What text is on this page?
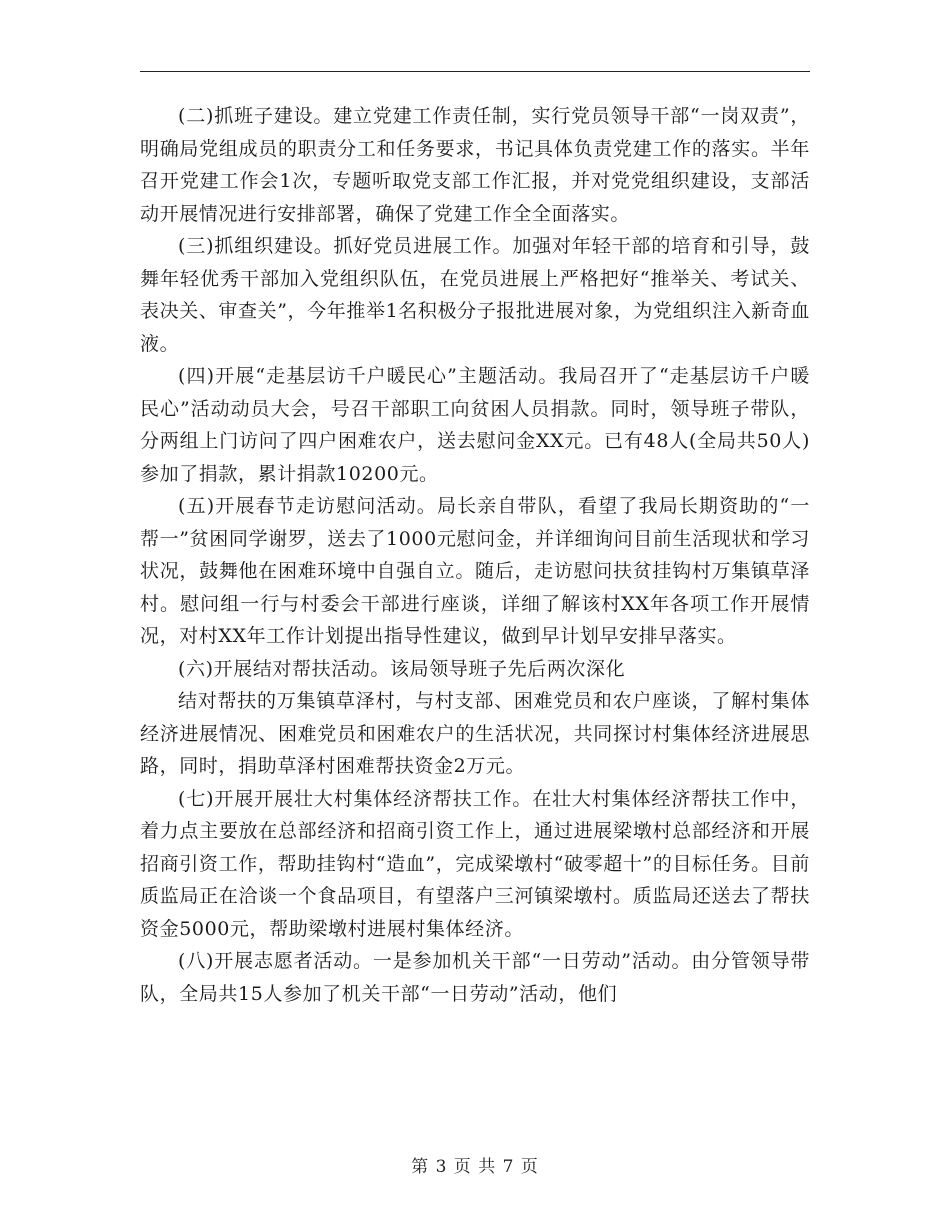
(二)抓班子建设。建立党建工作责任制，实行党员领导干部“一岗双责”，明确局党组成员的职责分工和任务要求，书记具体负责党建工作的落实。半年召开党建工作会1次，专题听取党支部工作汇报，并对党党组织建设，支部活动开展情况进行安排部署，确保了党建工作全全面落实。

(三)抓组织建设。抓好党员进展工作。加强对年轻干部的培育和引导，鼓舞年轻优秀干部加入党组织队伍，在党员进展上严格把好“推举关、考试关、表决关、审查关”，今年推举1名积极分子报批进展对象，为党组织注入新奇血液。

(四)开展“走基层访千户暖民心”主题活动。我局召开了“走基层访千户暖民心”活动动员大会，号召干部职工向贫困人员捐款。同时，领导班子带队，分两组上门访问了四户困难农户，送去慰问金XX元。已有48人(全局共50人)参加了捐款，累计捐款10200元。

(五)开展春节走访慰问活动。局长亲自带队，看望了我局长期资助的“一帮一”贫困同学谢罗，送去了1000元慰问金，并详细询问目前生活现状和学习状况，鼓舞他在困难环境中自强自立。随后，走访慰问扶贫挂钩村万集镇草泽村。慰问组一行与村委会干部进行座谈，详细了解该村XX年各项工作开展情况，对村XX年工作计划提出指导性建议，做到早计划早安排早落实。

(六)开展结对帮扶活动。该局领导班子先后两次深化

结对帮扶的万集镇草泽村，与村支部、困难党员和农户座谈，了解村集体经济进展情况、困难党员和困难农户的生活状况，共同探讨村集体经济进展思路，同时，捐助草泽村困难帮扶资金2万元。

(七)开展开展壮大村集体经济帮扶工作。在壮大村集体经济帮扶工作中，着力点主要放在总部经济和招商引资工作上，通过进展梁墩村总部经济和开展招商引资工作，帮助挂钩村“造血”，完成梁墩村“破零超十”的目标任务。目前质监局正在洽谈一个食品项目，有望落户三河镇梁墩村。质监局还送去了帮扶资金5000元，帮助梁墩村进展村集体经济。

(八)开展志愿者活动。一是参加机关干部“一日劳动”活动。由分管领导带队，全局共15人参加了机关干部“一日劳动”活动，他们

第 3 页 共 7 页
